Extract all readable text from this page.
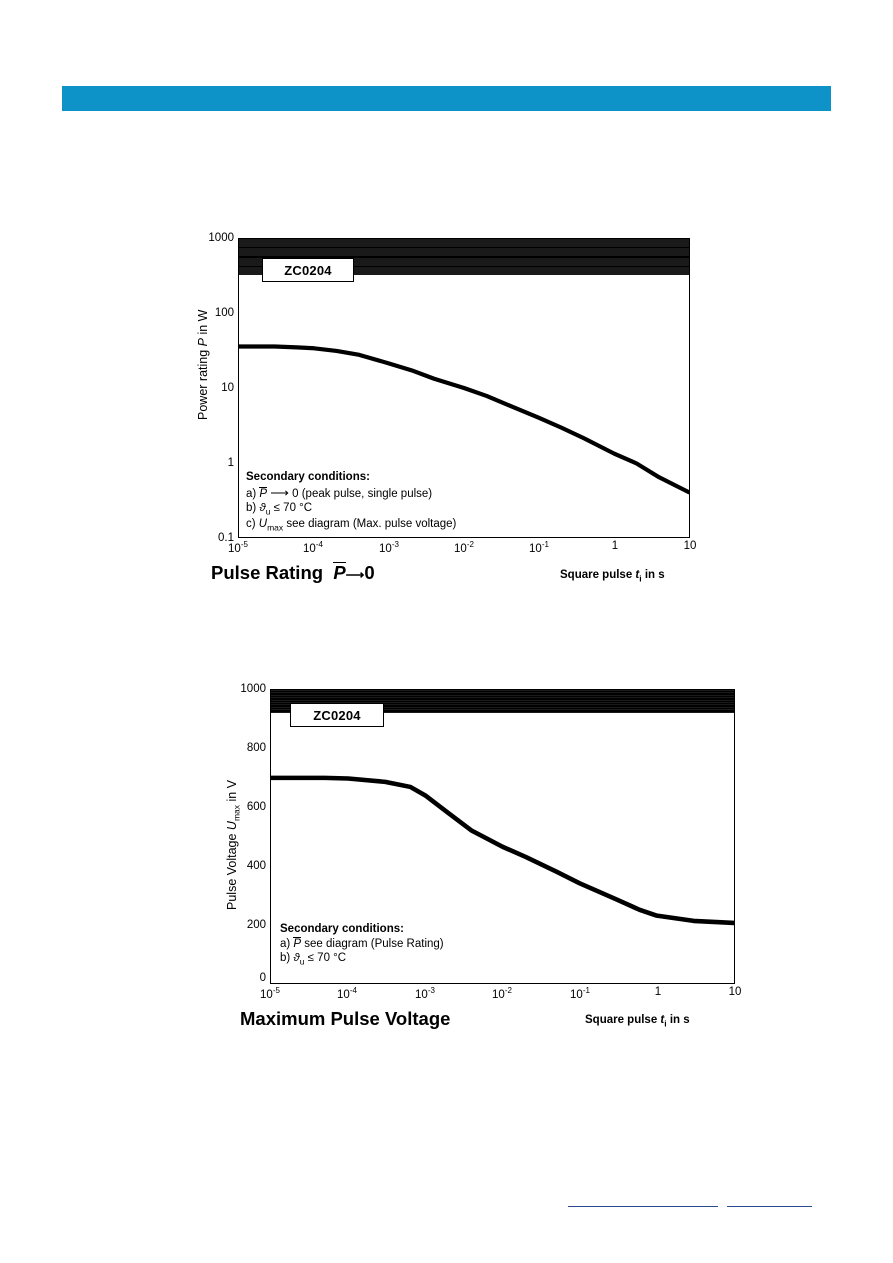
Power rating P in W
1000
100
10
1
0.1
ZC0204
Secondary conditions:
a) P ⟶ 0 (peak pulse, single pulse)
b) $ϑ_u \le 70$ °C
c) $U_{max}$ see diagram (Max. pulse voltage)
$10^{-5}$	$10^{-4}$	$10^{-3}$	$10^{-2}$	$10^{-1}$	1	10
Pulse Rating  P⟶0	Square pulse $t_i$ in s
Pulse Voltage $U_{max}$ in V
1000
800
600
400
200
0
ZC0204
Secondary conditions:
a) P see diagram (Pulse Rating)
b) $ϑ_u \le 70$ °C
$10^{-5}$	$10^{-4}$	$10^{-3}$	$10^{-2}$	$10^{-1}$	1	10
Maximum Pulse Voltage	Square pulse $t_i$ in s
